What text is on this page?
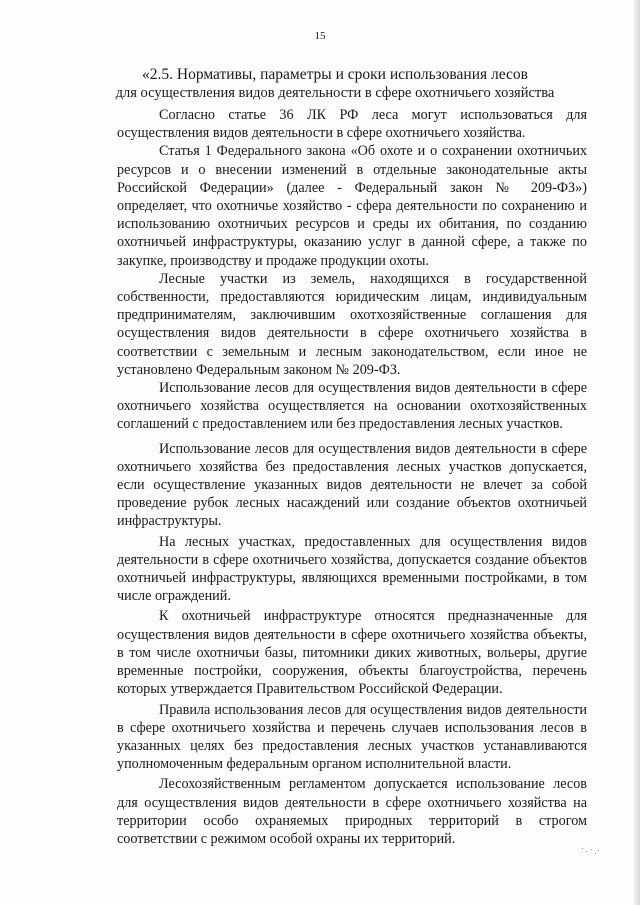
15
«2.5. Нормативы, параметры и сроки использования лесов
для осуществления видов деятельности в сфере охотничьего хозяйства

Согласно статье 36 ЛК РФ леса могут использоваться для осуществления видов деятельности в сфере охотничьего хозяйства.

Статья 1 Федерального закона «Об охоте и о сохранении охотничьих ресурсов и о внесении изменений в отдельные законодательные акты Российской Федерации» (далее - Федеральный закон № 209-ФЗ») определяет, что охотничье хозяйство - сфера деятельности по сохранению и использованию охотничьих ресурсов и среды их обитания, по созданию охотничьей инфраструктуры, оказанию услуг в данной сфере, а также по закупке, производству и продаже продукции охоты.

Лесные участки из земель, находящихся в государственной собственности, предоставляются юридическим лицам, индивидуальным предпринимателям, заключившим охотхозяйственные соглашения для осуществления видов деятельности в сфере охотничьего хозяйства в соответствии с земельным и лесным законодательством, если иное не установлено Федеральным законом № 209-ФЗ.

Использование лесов для осуществления видов деятельности в сфере охотничьего хозяйства осуществляется на основании охотхозяйственных соглашений с предоставлением или без предоставления лесных участков.

Использование лесов для осуществления видов деятельности в сфере охотничьего хозяйства без предоставления лесных участков допускается, если осуществление указанных видов деятельности не влечет за собой проведение рубок лесных насаждений или создание объектов охотничьей инфраструктуры.

На лесных участках, предоставленных для осуществления видов деятельности в сфере охотничьего хозяйства, допускается создание объектов охотничьей инфраструктуры, являющихся временными постройками, в том числе ограждений.

К охотничьей инфраструктуре относятся предназначенные для осуществления видов деятельности в сфере охотничьего хозяйства объекты, в том числе охотничьи базы, питомники диких животных, вольеры, другие временные постройки, сооружения, объекты благоустройства, перечень которых утверждается Правительством Российской Федерации.

Правила использования лесов для осуществления видов деятельности в сфере охотничьего хозяйства и перечень случаев использования лесов в указанных целях без предоставления лесных участков устанавливаются уполномоченным федеральным органом исполнительной власти.

Лесохозяйственным регламентом допускается использование лесов для осуществления видов деятельности в сфере охотничьего хозяйства на территории особо охраняемых природных территорий в строгом соответствии с режимом особой охраны их территорий.
